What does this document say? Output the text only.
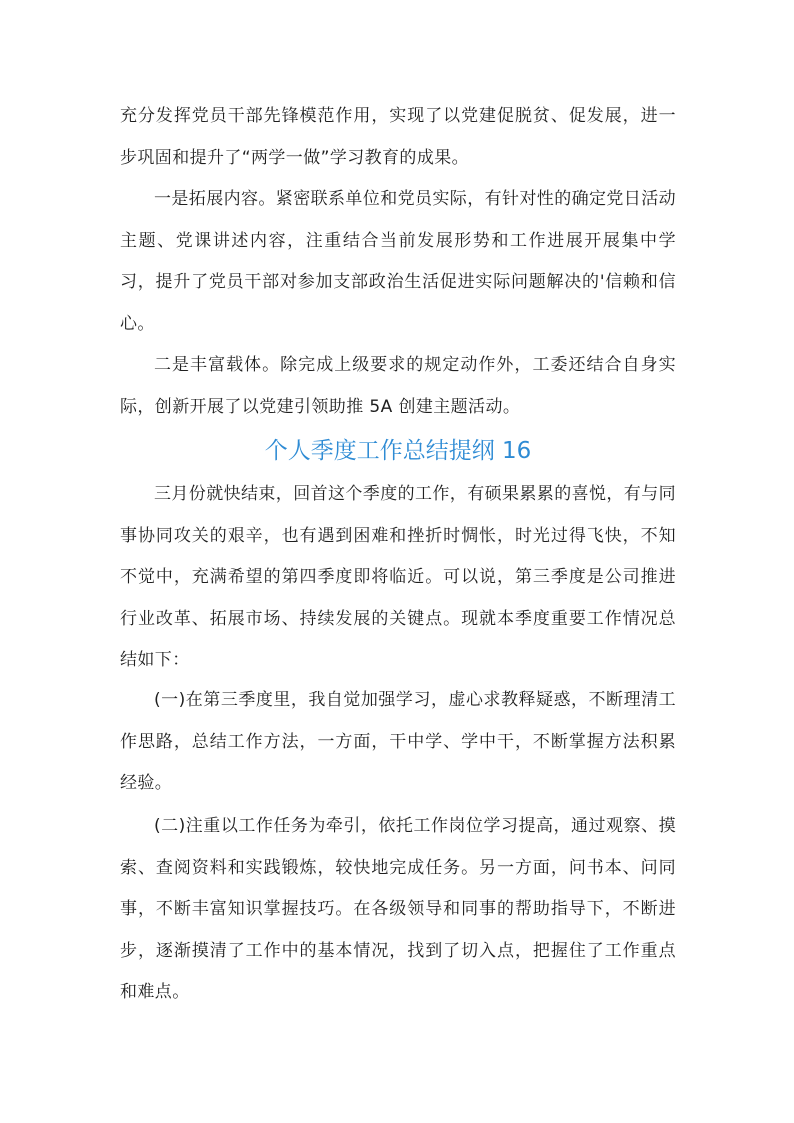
充分发挥党员干部先锋模范作用，实现了以党建促脱贫、促发展，进一步巩固和提升了“两学一做”学习教育的成果。

一是拓展内容。紧密联系单位和党员实际，有针对性的确定党日活动主题、党课讲述内容，注重结合当前发展形势和工作进展开展集中学习，提升了党员干部对参加支部政治生活促进实际问题解决的'信赖和信心。

二是丰富载体。除完成上级要求的规定动作外，工委还结合自身实际，创新开展了以党建引领助推 5A 创建主题活动。

个人季度工作总结提纲 16

三月份就快结束，回首这个季度的工作，有硕果累累的喜悦，有与同事协同攻关的艰辛，也有遇到困难和挫折时惆怅，时光过得飞快，不知不觉中，充满希望的第四季度即将临近。可以说，第三季度是公司推进行业改革、拓展市场、持续发展的关键点。现就本季度重要工作情况总结如下：

(一)在第三季度里，我自觉加强学习，虚心求教释疑惑，不断理清工作思路，总结工作方法，一方面，干中学、学中干，不断掌握方法积累经验。

(二)注重以工作任务为牵引，依托工作岗位学习提高，通过观察、摸索、查阅资料和实践锻炼，较快地完成任务。另一方面，问书本、问同事，不断丰富知识掌握技巧。在各级领导和同事的帮助指导下，不断进步，逐渐摸清了工作中的基本情况，找到了切入点，把握住了工作重点和难点。
